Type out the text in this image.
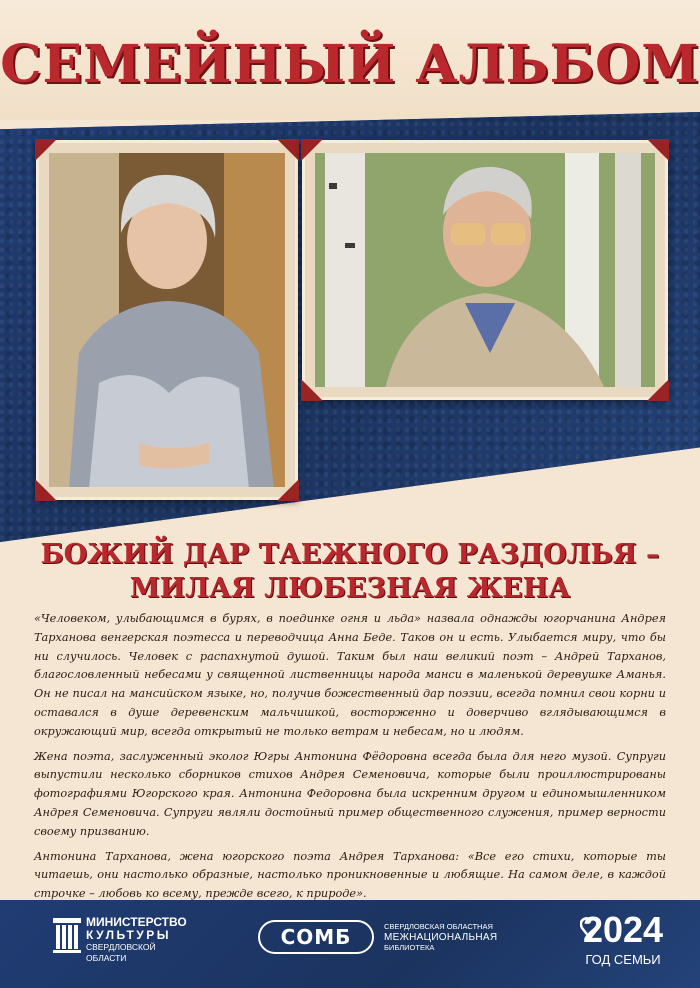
СЕМЕЙНЫЙ АЛЬБОМ
БОЖИЙ ДАР ТАЕЖНОГО РАЗДОЛЬЯ –
МИЛАЯ ЛЮБЕЗНАЯ ЖЕНА

«Человеком, улыбающимся в бурях, в поединке огня и льда» назвала однажды югорчанина Андрея Тарханова венгерская поэтесса и переводчица Анна Беде. Таков он и есть. Улыбается миру, что бы ни случилось. Человек с распахнутой душой. Таким был наш великий поэт – Андрей Тарханов, благословленный небесами у священной лиственницы народа манси в маленькой деревушке Аманья. Он не писал на мансийском языке, но, получив божественный дар поэзии, всегда помнил свои корни и оставался в душе деревенским мальчишкой, восторженно и доверчиво вглядывающимся в окружающий мир, всегда открытый не только ветрам и небесам, но и людям.

Жена поэта, заслуженный эколог Югры Антонина Фёдоровна всегда была для него музой. Супруги выпустили несколько сборников стихов Андрея Семеновича, которые были проиллюстрированы фотографиями Югорского края. Антонина Федоровна была искренним другом и единомышленником Андрея Семеновича. Супруги являли достойный пример общественного служения, пример верности своему призванию.

Антонина Тарханова, жена югорского поэта Андрея Тарханова: «Все его стихи, которые ты читаешь, они настолько образные, настолько проникновенные и любящие. На самом деле, в каждой строчке – любовь ко всему, прежде всего, к природе».

МИНИСТЕРСТВО
КУЛЬТУРЫ
СВЕРДЛОВСКОЙ ОБЛАСТИ
СОМБ	СВЕРДЛОВСКАЯ ОБЛАСТНАЯ
МЕЖНАЦИОНАЛЬНАЯ
БИБЛИОТЕКА	2024
ГОД СЕМЬИ
